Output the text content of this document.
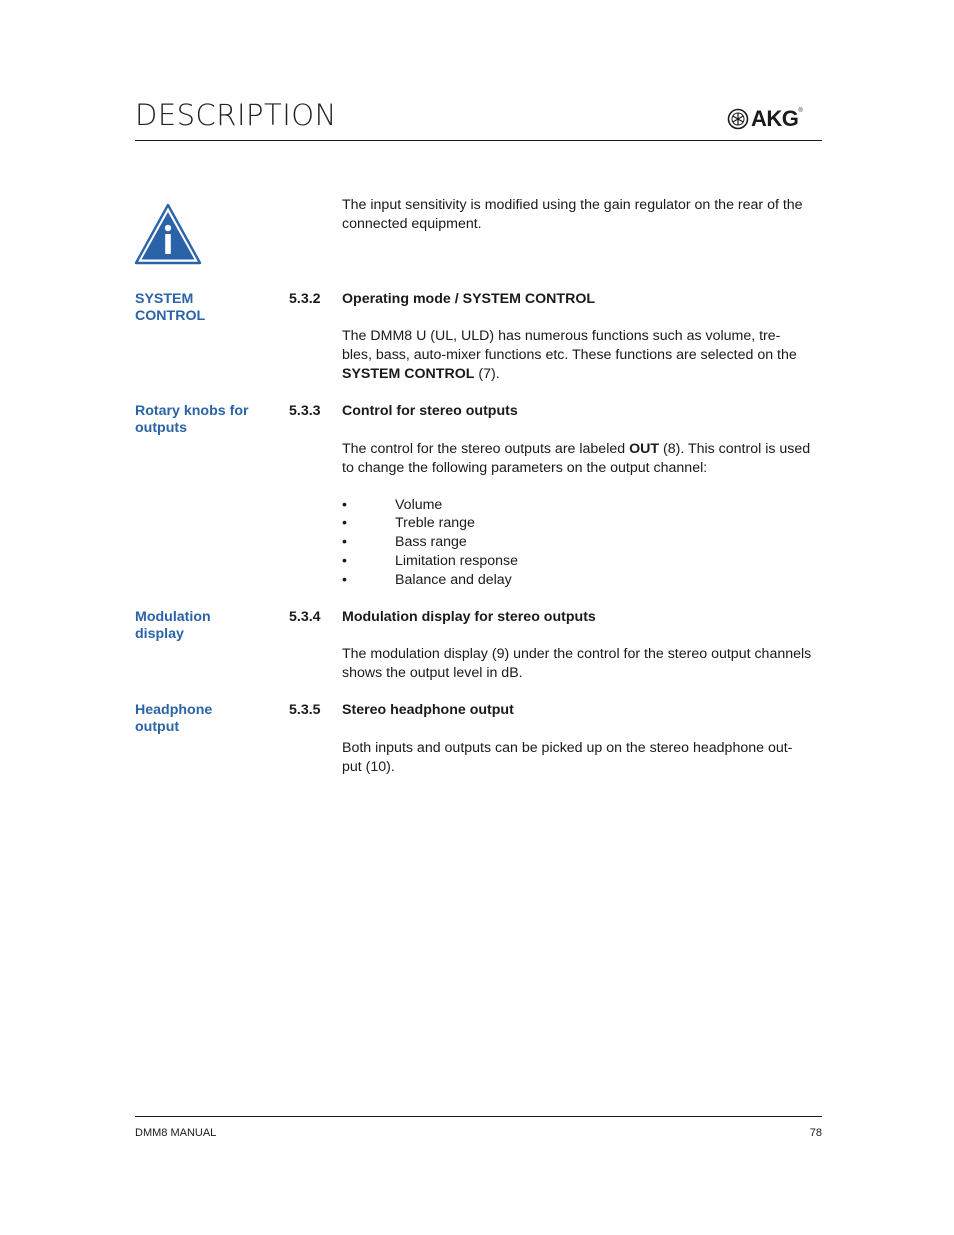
DESCRIPTION	AKG ®
The input sensitivity is modified using the gain regulator on the rear of the connected equipment.
SYSTEM CONTROL
5.3.2 Operating mode / SYSTEM CONTROL
The DMM8 U (UL, ULD) has numerous functions such as volume, tre-bles, bass, auto-mixer functions etc. These functions are selected on the SYSTEM CONTROL (7).
Rotary knobs for outputs
5.3.3 Control for stereo outputs
The control for the stereo outputs are labeled OUT (8). This control is used to change the following parameters on the output channel:
•	Volume
•	Treble range
•	Bass range
•	Limitation response
•	Balance and delay
Modulation display
5.3.4 Modulation display for stereo outputs
The modulation display (9) under the control for the stereo output channels shows the output level in dB.
Headphone output
5.3.5 Stereo headphone output
Both inputs and outputs can be picked up on the stereo headphone out-put (10).
DMM8 MANUAL	78
